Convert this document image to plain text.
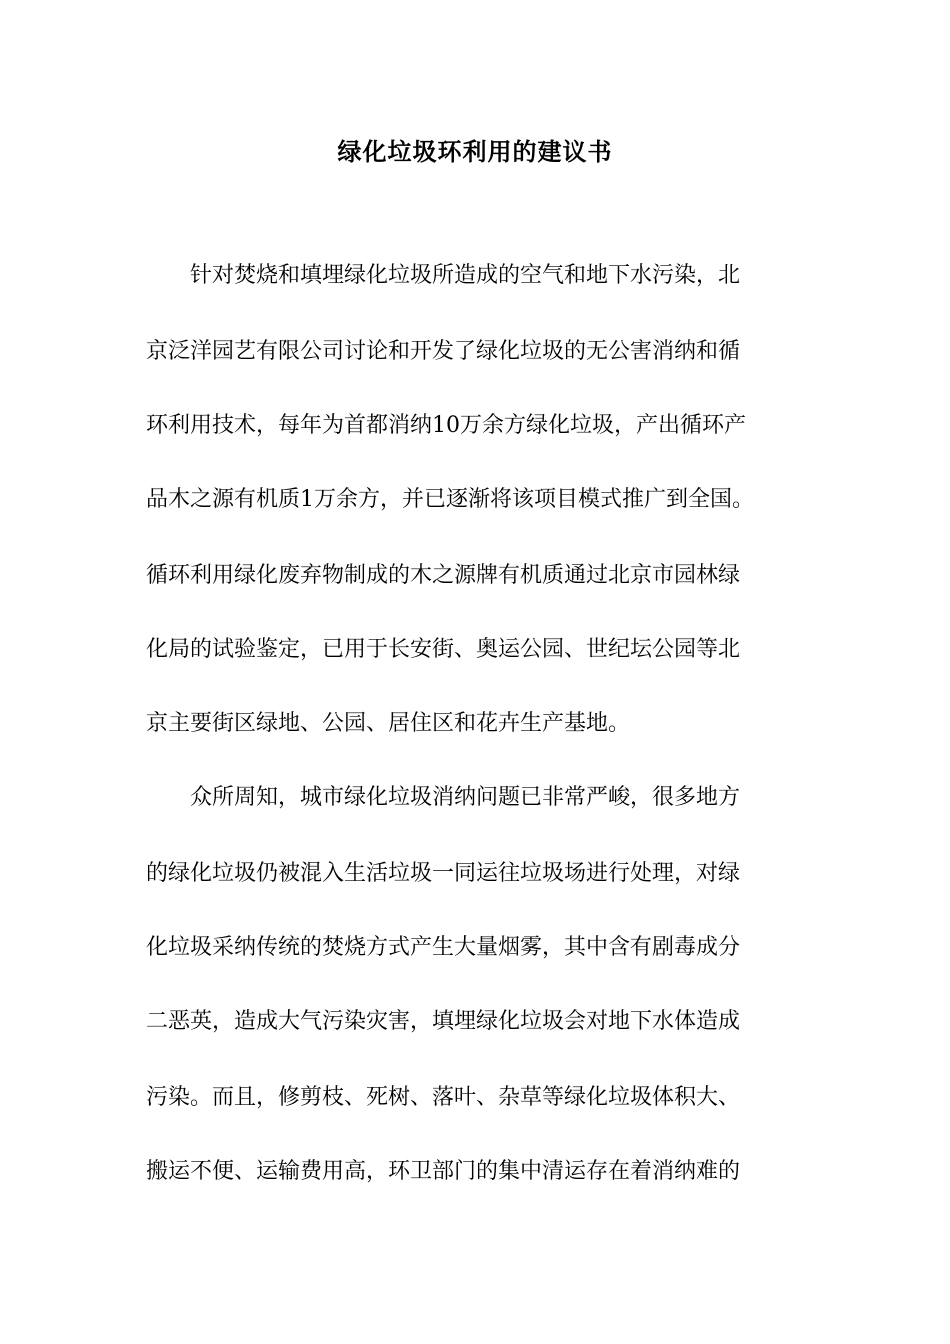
绿化垃圾环利用的建议书
针对焚烧和填埋绿化垃圾所造成的空气和地下水污染，北
京泛洋园艺有限公司讨论和开发了绿化垃圾的无公害消纳和循
环利用技术，每年为首都消纳10万余方绿化垃圾，产出循环产
品木之源有机质1万余方，并已逐渐将该项目模式推广到全国。
循环利用绿化废弃物制成的木之源牌有机质通过北京市园林绿
化局的试验鉴定，已用于长安街、奥运公园、世纪坛公园等北
京主要街区绿地、公园、居住区和花卉生产基地。
众所周知，城市绿化垃圾消纳问题已非常严峻，很多地方
的绿化垃圾仍被混入生活垃圾一同运往垃圾场进行处理，对绿
化垃圾采纳传统的焚烧方式产生大量烟雾，其中含有剧毒成分
二恶英，造成大气污染灾害，填埋绿化垃圾会对地下水体造成
污染。而且，修剪枝、死树、落叶、杂草等绿化垃圾体积大、
搬运不便、运输费用高，环卫部门的集中清运存在着消纳难的
